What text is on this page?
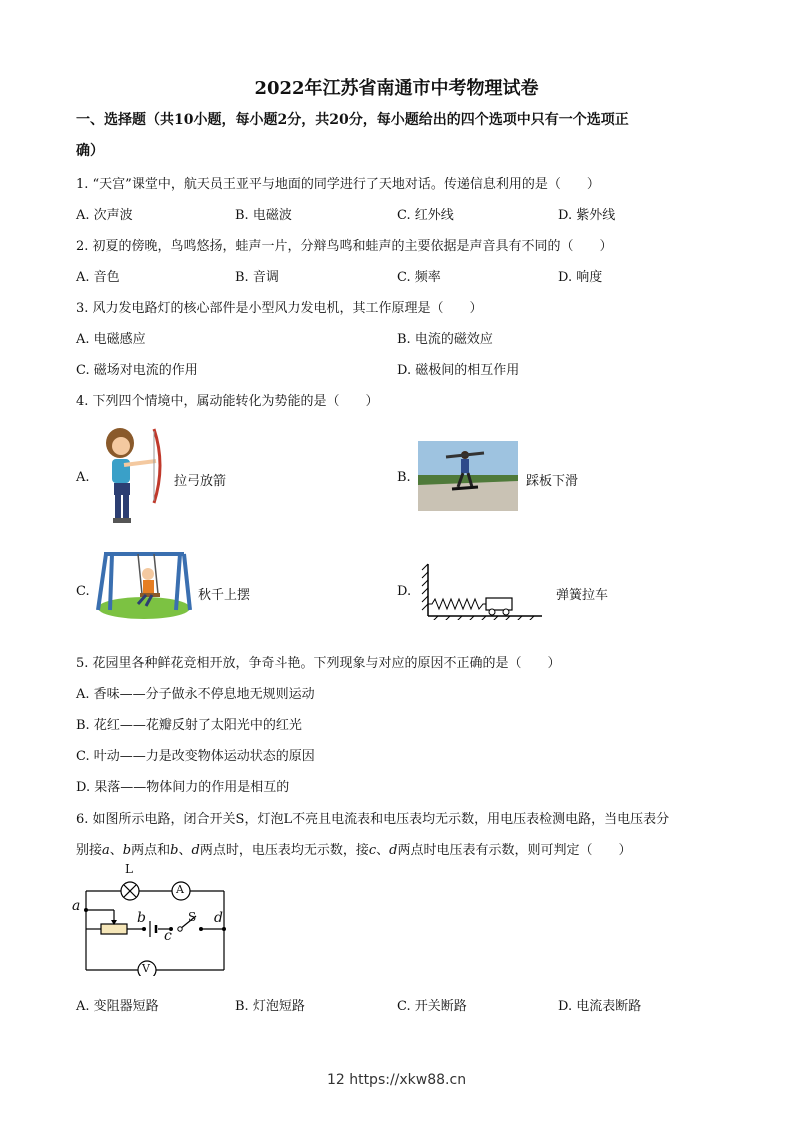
2022年江苏省南通市中考物理试卷
一、选择题（共10小题，每小题2分，共20分，每小题给出的四个选项中只有一个选项正
确）
1. “天宫”课堂中，航天员王亚平与地面的同学进行了天地对话。传递信息利用的是（　　）
A. 次声波	B. 电磁波	C. 红外线	D. 紫外线
2. 初夏的傍晚，鸟鸣悠扬，蛙声一片，分辩鸟鸣和蛙声的主要依据是声音具有不同的（　　）
A. 音色	B. 音调	C. 频率	D. 响度
3. 风力发电路灯的核心部件是小型风力发电机，其工作原理是（　　）
A. 电磁感应	B. 电流的磁效应
C. 磁场对电流的作用	D. 磁极间的相互作用
4. 下列四个情境中，属动能转化为势能的是（　　）
A.	拉弓放箭	B.	踩板下滑
C.	秋千上摆	D.	弹簧拉车
5. 花园里各种鲜花竞相开放，争奇斗艳。下列现象与对应的原因不正确的是（　　）
A. 香味——分子做永不停息地无规则运动
B. 花红——花瓣反射了太阳光中的红光
C. 叶动——力是改变物体运动状态的原因
D. 果落——物体间力的作用是相互的
6. 如图所示电路，闭合开关S，灯泡L不亮且电流表和电压表均无示数，用电压表检测电路，当电压表分
别接a、b两点和b、d两点时，电压表均无示数，接c、d两点时电压表有示数，则可判定（　　）
L
A
V
S
a
b
c
d
A. 变阻器短路	B. 灯泡短路	C. 开关断路	D. 电流表断路
12 https://xkw88.cn
